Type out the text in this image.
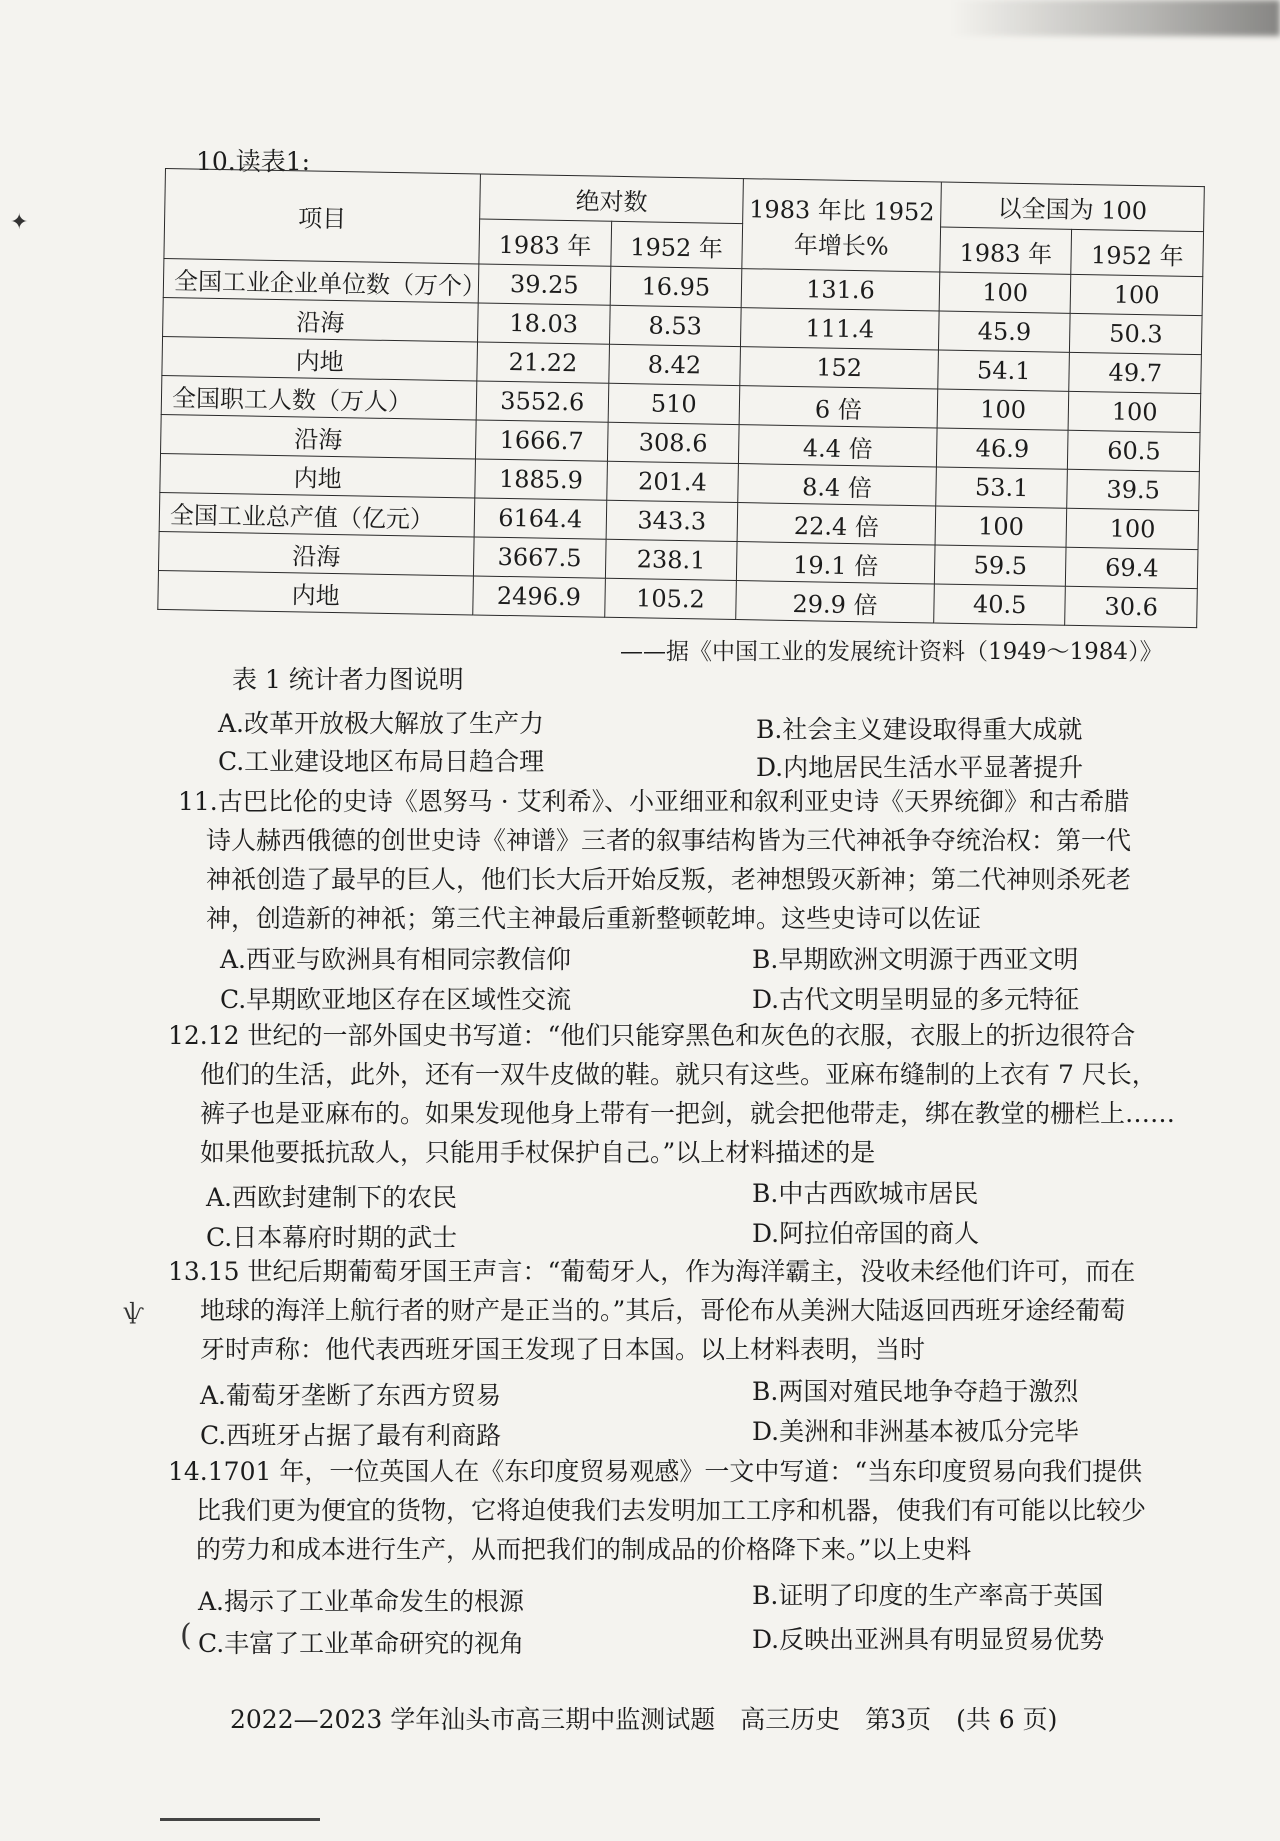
10.读表1:
项目	绝对数		1983 年比 1952 年增长%	以全国为 100	
	1983 年	1952 年		1983 年	1952 年
全国工业企业单位数（万个）	39.25	16.95	131.6	100	100
沿海	18.03	8.53	111.4	45.9	50.3
内地	21.22	8.42	152	54.1	49.7
全国职工人数（万人）	3552.6	510	6 倍	100	100
沿海	1666.7	308.6	4.4 倍	46.9	60.5
内地	1885.9	201.4	8.4 倍	53.1	39.5
全国工业总产值（亿元）	6164.4	343.3	22.4 倍	100	100
沿海	3667.5	238.1	19.1 倍	59.5	69.4
内地	2496.9	105.2	29.9 倍	40.5	30.6
——据《中国工业的发展统计资料（1949～1984）》
表 1 统计者力图说明
A.改革开放极大解放了生产力	B.社会主义建设取得重大成就
C.工业建设地区布局日趋合理	D.内地居民生活水平显著提升

11.古巴比伦的史诗《恩努马 · 艾利希》、小亚细亚和叙利亚史诗《天界统御》和古希腊

诗人赫西俄德的创世史诗《神谱》三者的叙事结构皆为三代神祇争夺统治权：第一代

神祇创造了最早的巨人，他们长大后开始反叛，老神想毁灭新神；第二代神则杀死老

神，创造新的神祇；第三代主神最后重新整顿乾坤。这些史诗可以佐证

A.西亚与欧洲具有相同宗教信仰	B.早期欧洲文明源于西亚文明
C.早期欧亚地区存在区域性交流	D.古代文明呈明显的多元特征

12.12 世纪的一部外国史书写道：“他们只能穿黑色和灰色的衣服，衣服上的折边很符合

他们的生活，此外，还有一双牛皮做的鞋。就只有这些。亚麻布缝制的上衣有 7 尺长，

裤子也是亚麻布的。如果发现他身上带有一把剑，就会把他带走，绑在教堂的栅栏上……

如果他要抵抗敌人，只能用手杖保护自己。”以上材料描述的是

A.西欧封建制下的农民	B.中古西欧城市居民
C.日本幕府时期的武士	D.阿拉伯帝国的商人

13.15 世纪后期葡萄牙国王声言：“葡萄牙人，作为海洋霸主，没收未经他们许可，而在

地球的海洋上航行者的财产是正当的。”其后，哥伦布从美洲大陆返回西班牙途经葡萄

牙时声称：他代表西班牙国王发现了日本国。以上材料表明，当时

A.葡萄牙垄断了东西方贸易	B.两国对殖民地争夺趋于激烈
C.西班牙占据了最有利商路	D.美洲和非洲基本被瓜分完毕

14.1701 年，一位英国人在《东印度贸易观感》一文中写道：“当东印度贸易向我们提供

比我们更为便宜的货物，它将迫使我们去发明加工工序和机器，使我们有可能以比较少

的劳力和成本进行生产，从而把我们的制成品的价格降下来。”以上史料

A.揭示了工业革命发生的根源	B.证明了印度的生产率高于英国
C.丰富了工业革命研究的视角	D.反映出亚洲具有明显贸易优势
✦
ѱ
(
2022—2023 学年汕头市高三期中监测试题　高三历史　第3页　(共 6 页)
